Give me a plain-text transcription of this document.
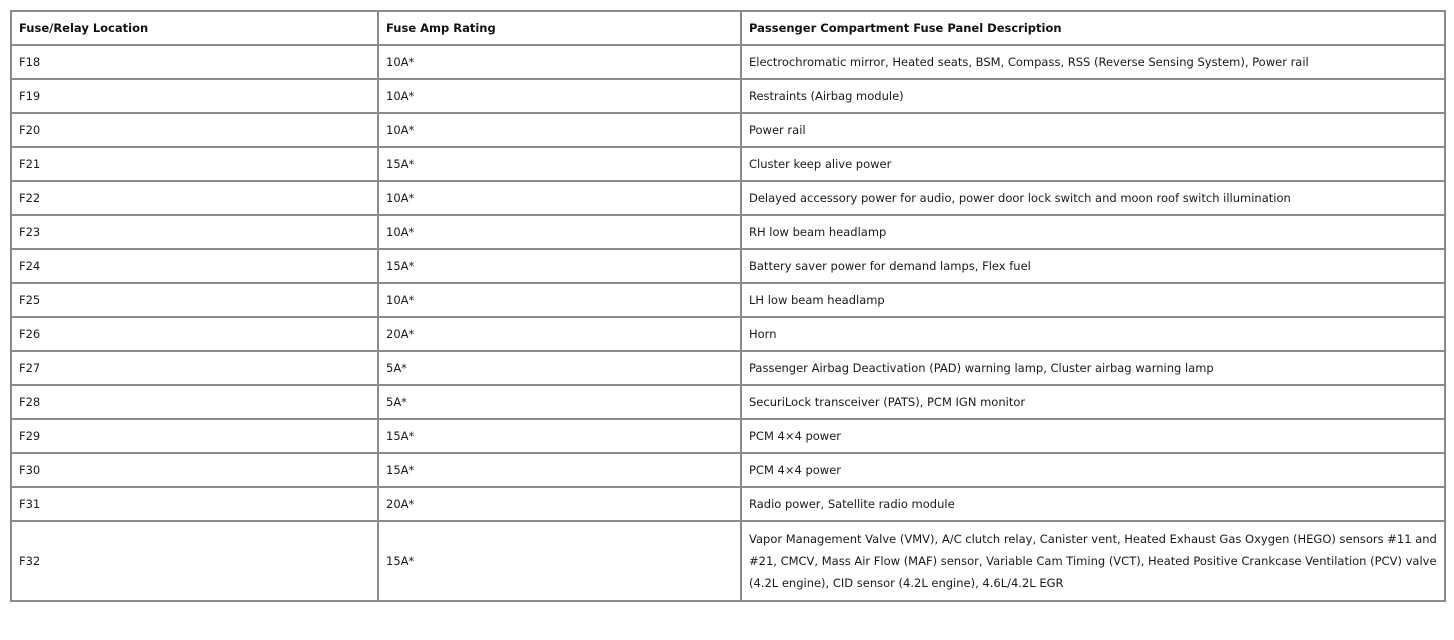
Fuse/Relay Location	Fuse Amp Rating	Passenger Compartment Fuse Panel Description
F18	10A*	Electrochromatic mirror, Heated seats, BSM, Compass, RSS (Reverse Sensing System), Power rail
F19	10A*	Restraints (Airbag module)
F20	10A*	Power rail
F21	15A*	Cluster keep alive power
F22	10A*	Delayed accessory power for audio, power door lock switch and moon roof switch illumination
F23	10A*	RH low beam headlamp
F24	15A*	Battery saver power for demand lamps, Flex fuel
F25	10A*	LH low beam headlamp
F26	20A*	Horn
F27	5A*	Passenger Airbag Deactivation (PAD) warning lamp, Cluster airbag warning lamp
F28	5A*	SecuriLock transceiver (PATS), PCM IGN monitor
F29	15A*	PCM 4×4 power
F30	15A*	PCM 4×4 power
F31	20A*	Radio power, Satellite radio module
F32	15A*	Vapor Management Valve (VMV), A/C clutch relay, Canister vent, Heated Exhaust Gas Oxygen (HEGO) sensors #11 and #21, CMCV, Mass Air Flow (MAF) sensor, Variable Cam Timing (VCT), Heated Positive Crankcase Ventilation (PCV) valve (4.2L engine), CID sensor (4.2L engine), 4.6L/4.2L EGR
